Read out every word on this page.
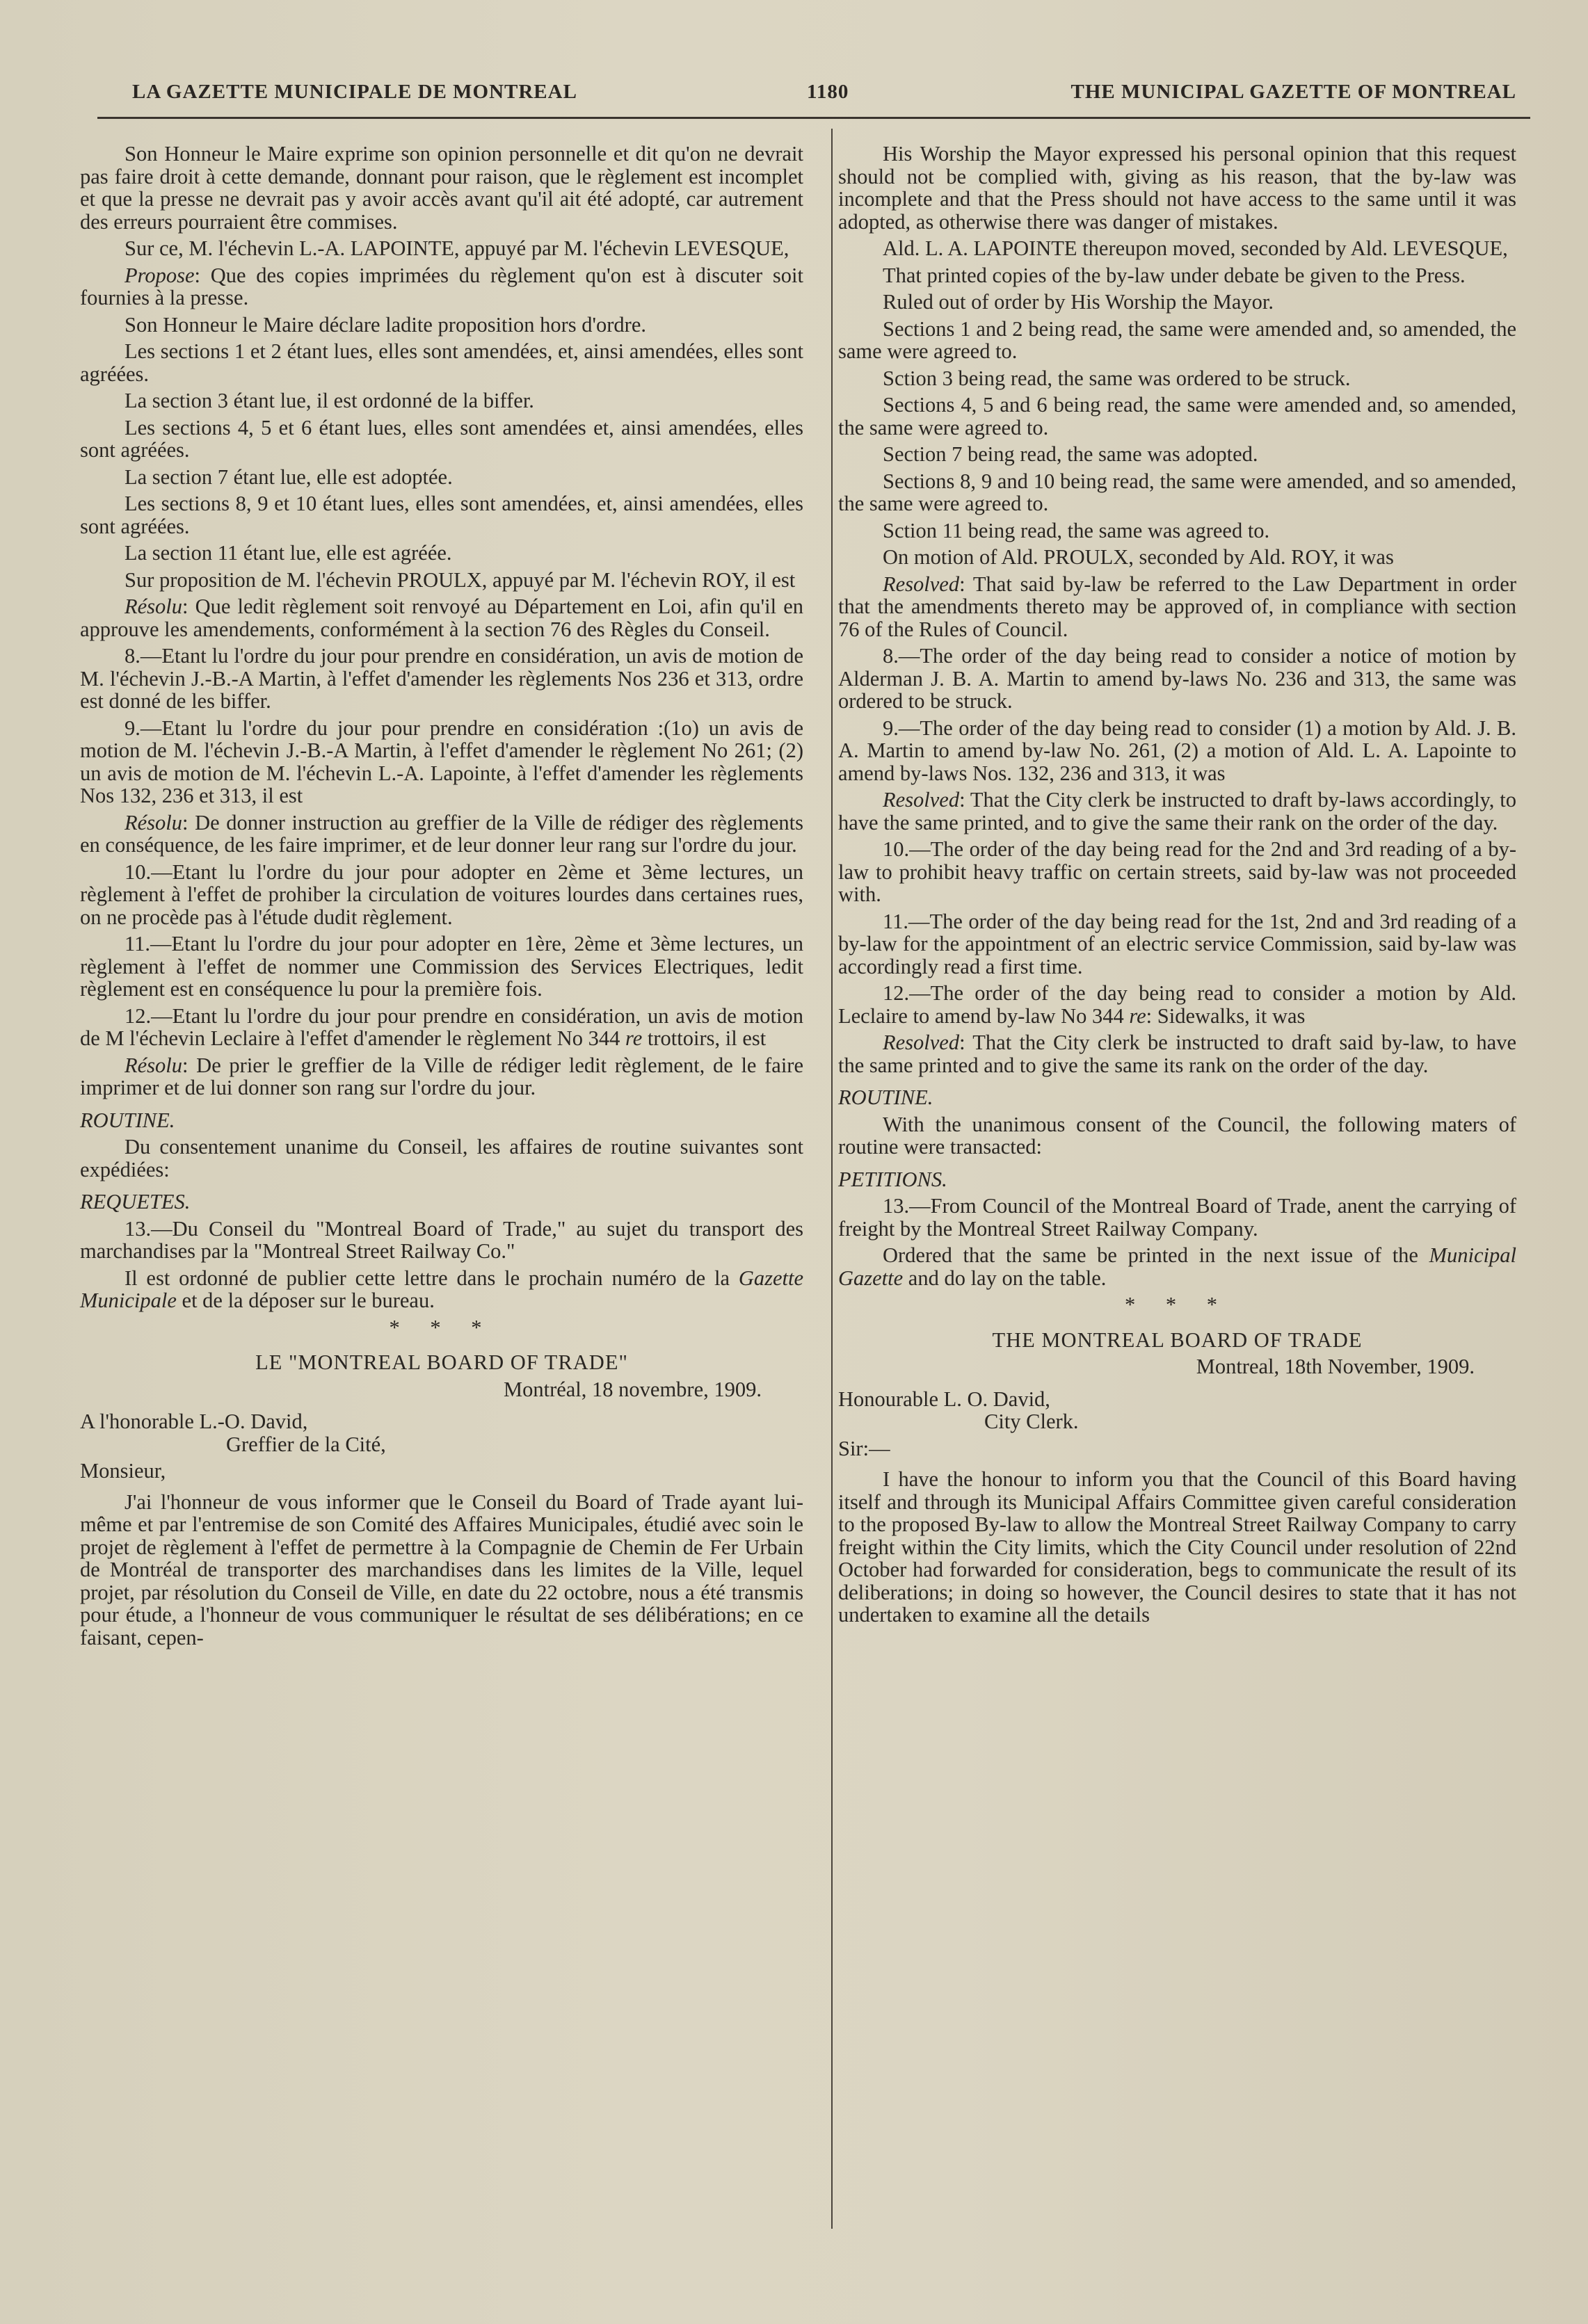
LA GAZETTE MUNICIPALE DE MONTREAL	1180	THE MUNICIPAL GAZETTE OF MONTREAL

Son Honneur le Maire exprime son opinion personnelle et dit qu'on ne devrait pas faire droit à cette demande, donnant pour raison, que le règlement est incomplet et que la presse ne devrait pas y avoir accès avant qu'il ait été adopté, car autrement des erreurs pourraient être commises.

Sur ce, M. l'échevin L.-A. LAPOINTE, appuyé par M. l'échevin LEVESQUE,

Propose: Que des copies imprimées du règlement qu'on est à discuter soit fournies à la presse.

Son Honneur le Maire déclare ladite proposition hors d'ordre.

Les sections 1 et 2 étant lues, elles sont amendées, et, ainsi amendées, elles sont agréées.

La section 3 étant lue, il est ordonné de la biffer.

Les sections 4, 5 et 6 étant lues, elles sont amendées et, ainsi amendées, elles sont agréées.

La section 7 étant lue, elle est adoptée.

Les sections 8, 9 et 10 étant lues, elles sont amendées, et, ainsi amendées, elles sont agréées.

La section 11 étant lue, elle est agréée.

Sur proposition de M. l'échevin PROULX, appuyé par M. l'échevin ROY, il est

Résolu: Que ledit règlement soit renvoyé au Département en Loi, afin qu'il en approuve les amendements, conformément à la section 76 des Règles du Conseil.

8.—Etant lu l'ordre du jour pour prendre en considération, un avis de motion de M. l'échevin J.-B.-A Martin, à l'effet d'amender les règlements Nos 236 et 313, ordre est donné de les biffer.

9.—Etant lu l'ordre du jour pour prendre en considération :(1o) un avis de motion de M. l'échevin J.-B.-A Martin, à l'effet d'amender le règlement No 261; (2) un avis de motion de M. l'échevin L.-A. Lapointe, à l'effet d'amender les règlements Nos 132, 236 et 313, il est

Résolu: De donner instruction au greffier de la Ville de rédiger des règlements en conséquence, de les faire imprimer, et de leur donner leur rang sur l'ordre du jour.

10.—Etant lu l'ordre du jour pour adopter en 2ème et 3ème lectures, un règlement à l'effet de prohiber la circulation de voitures lourdes dans certaines rues, on ne procède pas à l'étude dudit règlement.

11.—Etant lu l'ordre du jour pour adopter en 1ère, 2ème et 3ème lectures, un règlement à l'effet de nommer une Commission des Services Electriques, ledit règlement est en conséquence lu pour la première fois.

12.—Etant lu l'ordre du jour pour prendre en considération, un avis de motion de M l'échevin Leclaire à l'effet d'amender le règlement No 344 re trottoirs, il est

Résolu: De prier le greffier de la Ville de rédiger ledit règlement, de le faire imprimer et de lui donner son rang sur l'ordre du jour.

ROUTINE.

Du consentement unanime du Conseil, les affaires de routine suivantes sont expédiées:

REQUETES.

13.—Du Conseil du "Montreal Board of Trade," au sujet du transport des marchandises par la "Montreal Street Railway Co."

Il est ordonné de publier cette lettre dans le prochain numéro de la Gazette Municipale et de la déposer sur le bureau.

* * *

LE "MONTREAL BOARD OF TRADE"

Montréal, 18 novembre, 1909.

A l'honorable L.-O. David,

Greffier de la Cité,

Monsieur,

J'ai l'honneur de vous informer que le Conseil du Board of Trade ayant lui-même et par l'entremise de son Comité des Affaires Municipales, étudié avec soin le projet de règlement à l'effet de permettre à la Compagnie de Chemin de Fer Urbain de Montréal de transporter des marchandises dans les limites de la Ville, lequel projet, par résolution du Conseil de Ville, en date du 22 octobre, nous a été transmis pour étude, a l'honneur de vous communiquer le résultat de ses délibérations; en ce faisant, cepen-

His Worship the Mayor expressed his personal opinion that this request should not be complied with, giving as his reason, that the by-law was incomplete and that the Press should not have access to the same until it was adopted, as otherwise there was danger of mistakes.

Ald. L. A. LAPOINTE thereupon moved, seconded by Ald. LEVESQUE,

That printed copies of the by-law under debate be given to the Press.

Ruled out of order by His Worship the Mayor.

Sections 1 and 2 being read, the same were amended and, so amended, the same were agreed to.

Sction 3 being read, the same was ordered to be struck.

Sections 4, 5 and 6 being read, the same were amended and, so amended, the same were agreed to.

Section 7 being read, the same was adopted.

Sections 8, 9 and 10 being read, the same were amended, and so amended, the same were agreed to.

Sction 11 being read, the same was agreed to.

On motion of Ald. PROULX, seconded by Ald. ROY, it was

Resolved: That said by-law be referred to the Law Department in order that the amendments thereto may be approved of, in compliance with section 76 of the Rules of Council.

8.—The order of the day being read to consider a notice of motion by Alderman J. B. A. Martin to amend by-laws No. 236 and 313, the same was ordered to be struck.

9.—The order of the day being read to consider (1) a motion by Ald. J. B. A. Martin to amend by-law No. 261, (2) a motion of Ald. L. A. Lapointe to amend by-laws Nos. 132, 236 and 313, it was

Resolved: That the City clerk be instructed to draft by-laws accordingly, to have the same printed, and to give the same their rank on the order of the day.

10.—The order of the day being read for the 2nd and 3rd reading of a by-law to prohibit heavy traffic on certain streets, said by-law was not proceeded with.

11.—The order of the day being read for the 1st, 2nd and 3rd reading of a by-law for the appointment of an electric service Commission, said by-law was accordingly read a first time.

12.—The order of the day being read to consider a motion by Ald. Leclaire to amend by-law No 344 re: Sidewalks, it was

Resolved: That the City clerk be instructed to draft said by-law, to have the same printed and to give the same its rank on the order of the day.

ROUTINE.

With the unanimous consent of the Council, the following maters of routine were transacted:

PETITIONS.

13.—From Council of the Montreal Board of Trade, anent the carrying of freight by the Montreal Street Railway Company.

Ordered that the same be printed in the next issue of the Municipal Gazette and do lay on the table.

* * *

THE MONTREAL BOARD OF TRADE

Montreal, 18th November, 1909.

Honourable L. O. David,

City Clerk.

Sir:—

I have the honour to inform you that the Council of this Board having itself and through its Municipal Affairs Committee given careful consideration to the proposed By-law to allow the Montreal Street Railway Company to carry freight within the City limits, which the City Council under resolution of 22nd October had forwarded for consideration, begs to communicate the result of its deliberations; in doing so however, the Council desires to state that it has not undertaken to examine all the details
